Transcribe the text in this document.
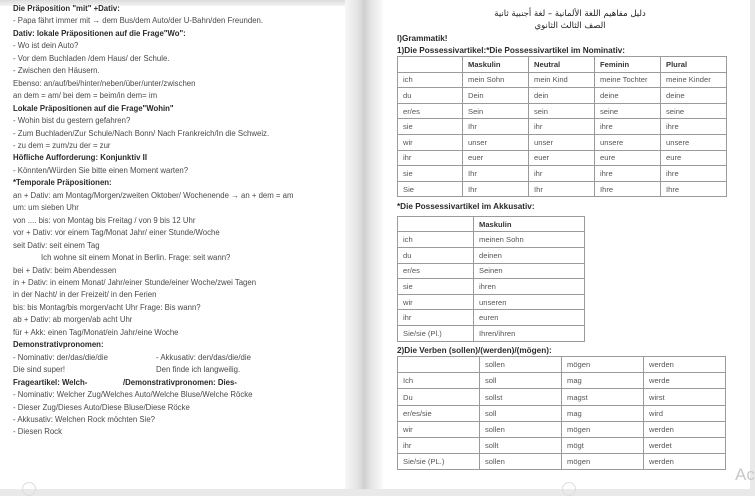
Die Präposition "mit" +Dativ:
- Papa fährt immer mit → dem Bus/dem Auto/der U-Bahn/den Freunden.
Dativ: lokale Präpositionen auf die Frage"Wo":
- Wo ist dein Auto?
- Vor dem Buchladen /dem Haus/ der Schule.
- Zwischen den Häusern.
Ebenso: an/auf/bei/hinter/neben/über/unter/zwischen
an dem = am/ bei dem = beim/in dem= im
Lokale Präpositionen auf die Frage"Wohin"
- Wohin bist du gestern gefahren?
- Zum Buchladen/Zur Schule/Nach Bonn/ Nach Frankreich/In die Schweiz.
- zu dem = zum/zu der = zur
Höfliche Aufforderung: Konjunktiv II
- Könnten/Würden Sie bitte einen Moment warten?
*Temporale Präpositionen:
an + Dativ: am Montag/Morgen/zweiten Oktober/ Wochenende → an + dem = am
um: um sieben Uhr
von .... bis: von Montag bis Freitag / von 9 bis 12 Uhr
vor + Dativ: vor einem Tag/Monat Jahr/ einer Stunde/Woche
seit Dativ: seit einem Tag
Ich wohne sit einem Monat in Berlin. Frage: seit wann?
bei + Dativ: beim Abendessen
in + Dativ: in einem Monat/ Jahr/einer Stunde/einer Woche/zwei Tagen
in der Nacht/ in der Freizeit/ in den Ferien
bis: bis Montag/bis morgen/acht Uhr Frage: Bis wann?
ab + Dativ: ab morgen/ab acht Uhr
für + Akk: einen Tag/Monat/ein Jahr/eine Woche
Demonstrativpronomen:
- Nominativ: der/das/die/die	- Akkusativ: den/das/die/die
Die sind super!	Den finde ich langweilig.
Frageartikel: Welch-	/Demonstrativpronomen: Dies-
- Nominativ: Welcher Zug/Welches Auto/Welche Bluse/Welche Röcke
- Dieser Zug/Dieses Auto/Diese Bluse/Diese Röcke
- Akkusativ: Welchen Rock möchten Sie?
- Diesen Rock
دليل مفاهيم اللغة الألمانية – لغة أجنبية ثانية
الصف الثالث الثانوي
I)Grammatik!
1)Die Possessivartikel:*Die Possessivartikel im Nominativ:
	Maskulin	Neutral	Feminin	Plural
ich	mein Sohn	mein Kind	meine Tochter	meine Kinder
du	Dein	dein	deine	deine
er/es	Sein	sein	seine	seine
sie	Ihr	ihr	ihre	ihre
wir	unser	unser	unsere	unsere
ihr	euer	euer	eure	eure
sie	Ihr	ihr	ihre	ihre
Sie	Ihr	Ihr	Ihre	Ihre
*Die Possessivartikel im Akkusativ:
	Maskulin
ich	meinen Sohn
du	deinen
er/es	Seinen
sie	ihren
wir	unseren
ihr	euren
Sie/sie (Pl.)	Ihren/ihren
2)Die Verben (sollen)/(werden)/(mögen):
	sollen	mögen	werden
Ich	soll	mag	werde
Du	sollst	magst	wirst
er/es/sie	soll	mag	wird
wir	sollen	mögen	werden
ihr	sollt	mögt	werdet
Sie/sie (PL.)	sollen	mögen	werden
Ac
